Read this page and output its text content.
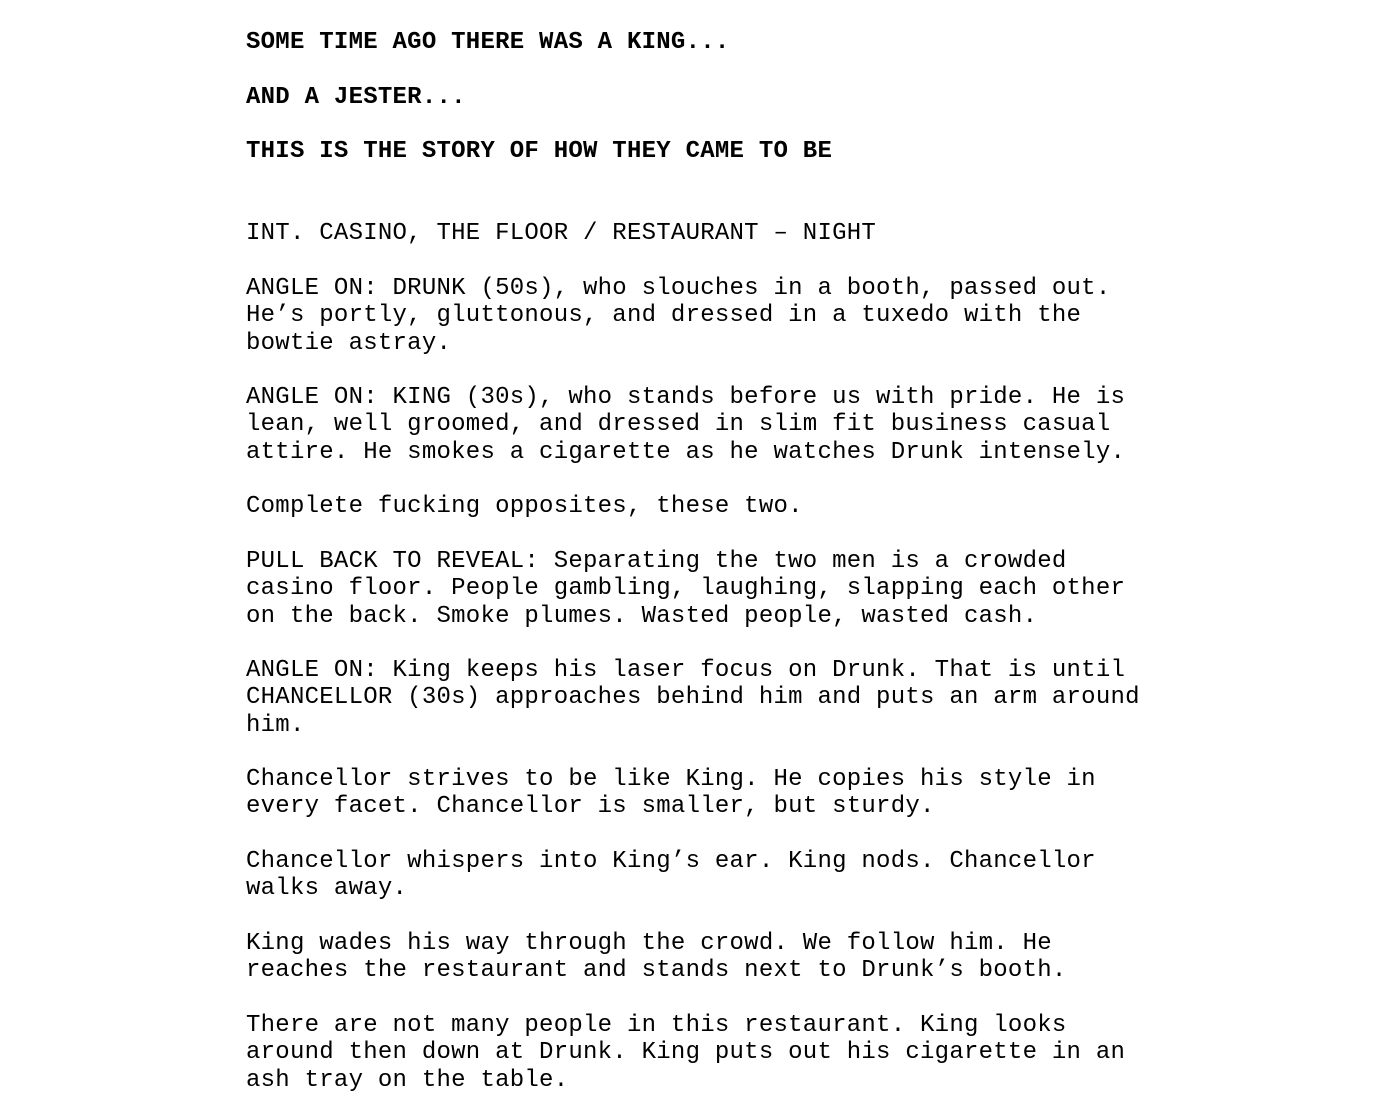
SOME TIME AGO THERE WAS A KING...
AND A JESTER...
THIS IS THE STORY OF HOW THEY CAME TO BE
INT. CASINO, THE FLOOR / RESTAURANT – NIGHT
ANGLE ON: DRUNK (50s), who slouches in a booth, passed out.
He’s portly, gluttonous, and dressed in a tuxedo with the
bowtie astray.
ANGLE ON: KING (30s), who stands before us with pride. He is
lean, well groomed, and dressed in slim fit business casual
attire. He smokes a cigarette as he watches Drunk intensely.
Complete fucking opposites, these two.
PULL BACK TO REVEAL: Separating the two men is a crowded
casino floor. People gambling, laughing, slapping each other
on the back. Smoke plumes. Wasted people, wasted cash.
ANGLE ON: King keeps his laser focus on Drunk. That is until
CHANCELLOR (30s) approaches behind him and puts an arm around
him.
Chancellor strives to be like King. He copies his style in
every facet. Chancellor is smaller, but sturdy.
Chancellor whispers into King’s ear. King nods. Chancellor
walks away.
King wades his way through the crowd. We follow him. He
reaches the restaurant and stands next to Drunk’s booth.
There are not many people in this restaurant. King looks
around then down at Drunk. King puts out his cigarette in an
ash tray on the table.
